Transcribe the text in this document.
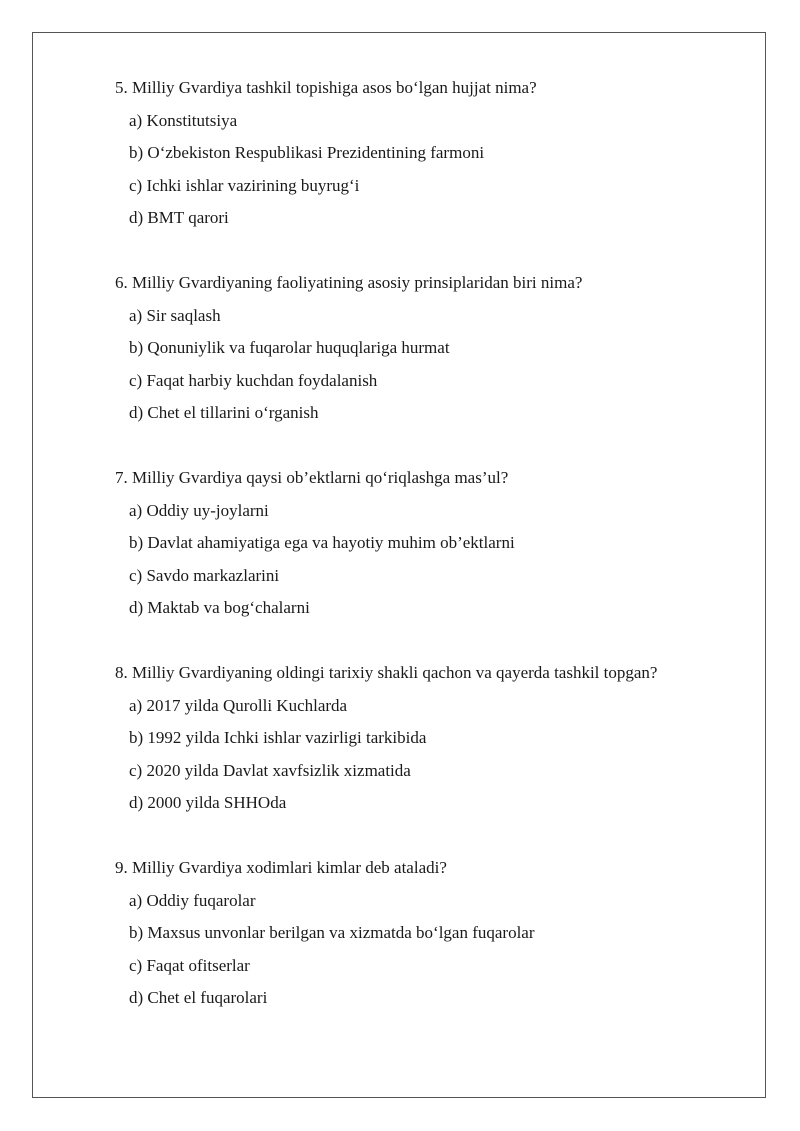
5. Milliy Gvardiya tashkil topishiga asos bo‘lgan hujjat nima?
a) Konstitutsiya
b) O‘zbekiston Respublikasi Prezidentining farmoni
c) Ichki ishlar vazirining buyrug‘i
d) BMT qarori
6. Milliy Gvardiyaning faoliyatining asosiy prinsiplaridan biri nima?
a) Sir saqlash
b) Qonuniylik va fuqarolar huquqlariga hurmat
c) Faqat harbiy kuchdan foydalanish
d) Chet el tillarini o‘rganish
7. Milliy Gvardiya qaysi ob’ektlarni qo‘riqlashga mas’ul?
a) Oddiy uy-joylarni
b) Davlat ahamiyatiga ega va hayotiy muhim ob’ektlarni
c) Savdo markazlarini
d) Maktab va bog‘chalarni
8. Milliy Gvardiyaning oldingi tarixiy shakli qachon va qayerda tashkil topgan?
a) 2017 yilda Qurolli Kuchlarda
b) 1992 yilda Ichki ishlar vazirligi tarkibida
c) 2020 yilda Davlat xavfsizlik xizmatida
d) 2000 yilda SHHOda
9. Milliy Gvardiya xodimlari kimlar deb ataladi?
a) Oddiy fuqarolar
b) Maxsus unvonlar berilgan va xizmatda bo‘lgan fuqarolar
c) Faqat ofitserlar
d) Chet el fuqarolari
